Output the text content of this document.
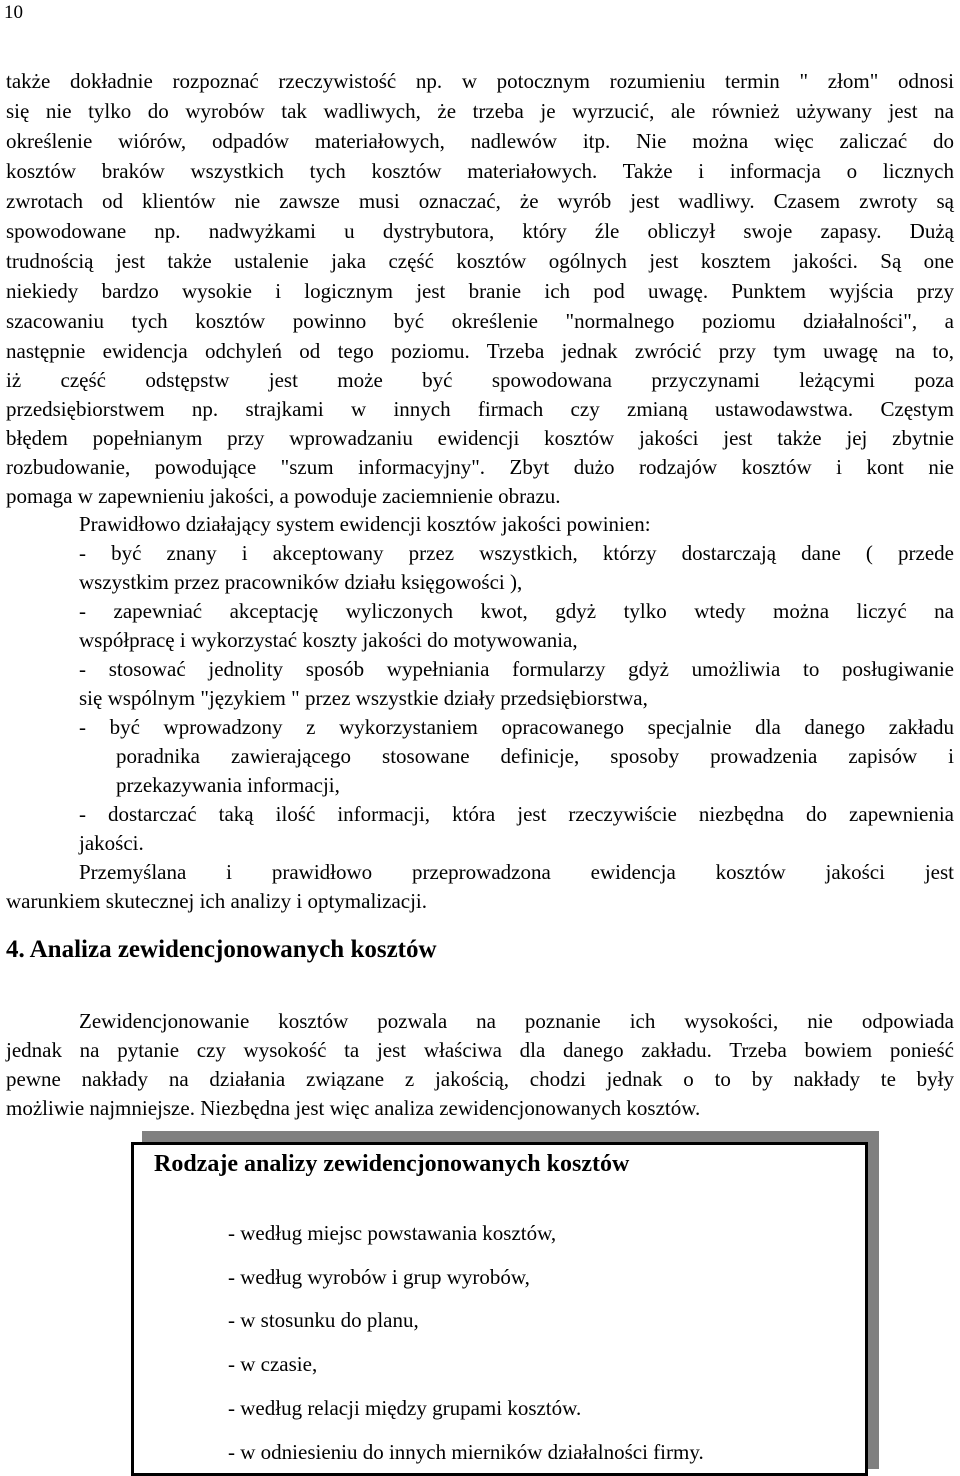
10
także dokładnie rozpoznać rzeczywistość np. w potocznym rozumieniu termin " złom" odnosi
się nie tylko do wyrobów tak wadliwych, że trzeba je wyrzucić, ale również używany jest na
określenie wiórów, odpadów materiałowych, nadlewów itp. Nie można więc zaliczać do
kosztów braków wszystkich tych kosztów materiałowych. Także i informacja o licznych
zwrotach od klientów nie zawsze musi oznaczać, że wyrób jest wadliwy. Czasem zwroty są
spowodowane np. nadwyżkami u dystrybutora, który źle obliczył swoje zapasy. Dużą
trudnością jest także ustalenie jaka część kosztów ogólnych jest kosztem jakości. Są one
niekiedy bardzo wysokie i logicznym jest branie ich pod uwagę. Punktem wyjścia przy
szacowaniu tych kosztów powinno być określenie "normalnego poziomu działalności", a
następnie ewidencja odchyleń od tego poziomu. Trzeba jednak zwrócić przy tym uwagę na to,
iż część odstępstw jest może być spowodowana przyczynami leżącymi poza
przedsiębiorstwem np. strajkami w innych firmach czy zmianą ustawodawstwa. Częstym
błędem popełnianym przy wprowadzaniu ewidencji kosztów jakości jest także jej zbytnie
rozbudowanie, powodujące "szum informacyjny". Zbyt dużo rodzajów kosztów i kont nie
pomaga w zapewnieniu jakości, a powoduje zaciemnienie obrazu.
Prawidłowo działający system ewidencji kosztów jakości powinien:
- być znany i akceptowany przez wszystkich, którzy dostarczają dane ( przede
wszystkim przez pracowników działu księgowości ),
- zapewniać akceptację wyliczonych kwot, gdyż tylko wtedy można liczyć na
współpracę i wykorzystać koszty jakości do motywowania,
- stosować jednolity sposób wypełniania formularzy gdyż umożliwia to posługiwanie
się wspólnym "językiem " przez wszystkie działy przedsiębiorstwa,
- być wprowadzony z wykorzystaniem opracowanego specjalnie dla danego zakładu
poradnika zawierającego stosowane definicje, sposoby prowadzenia zapisów i
przekazywania informacji,
- dostarczać taką ilość informacji, która jest rzeczywiście niezbędna do zapewnienia
jakości.
Przemyślana i prawidłowo przeprowadzona ewidencja kosztów jakości jest
warunkiem skutecznej ich analizy i optymalizacji.
4. Analiza zewidencjonowanych kosztów
Zewidencjonowanie kosztów pozwala na poznanie ich wysokości, nie odpowiada
jednak na pytanie czy wysokość ta jest właściwa dla danego zakładu. Trzeba bowiem ponieść
pewne nakłady na działania związane z jakością, chodzi jednak o to by nakłady te były
możliwie najmniejsze. Niezbędna jest więc analiza zewidencjonowanych kosztów.
Rodzaje analizy zewidencjonowanych kosztów
- według miejsc powstawania kosztów,
- według wyrobów i grup wyrobów,
- w stosunku do planu,
- w czasie,
- według relacji między grupami kosztów.
- w odniesieniu do innych mierników działalności firmy.
